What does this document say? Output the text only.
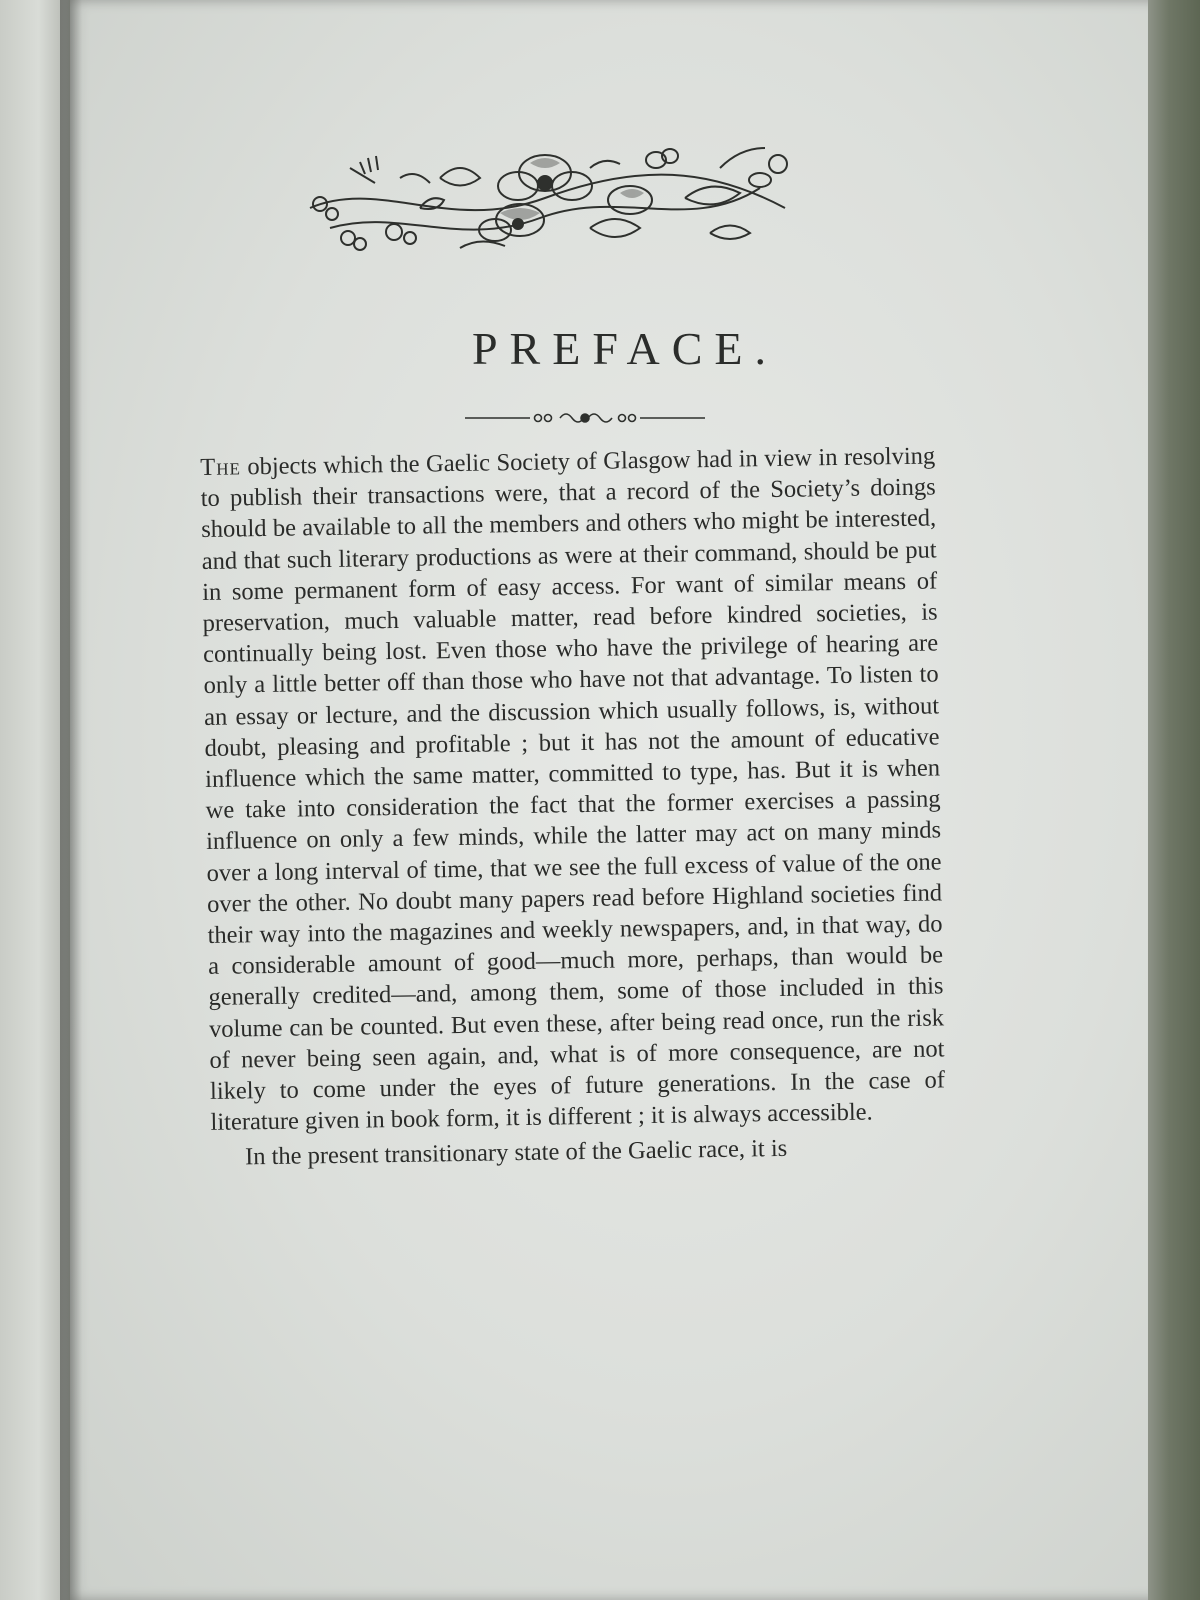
PREFACE.

The objects which the Gaelic Society of Glasgow had in view in resolving to publish their transactions were, that a record of the Society’s doings should be available to all the members and others who might be interested, and that such literary productions as were at their command, should be put in some permanent form of easy access. For want of similar means of preservation, much valuable matter, read before kindred societies, is continually being lost. Even those who have the privilege of hearing are only a little better off than those who have not that advantage. To listen to an essay or lecture, and the discussion which usually follows, is, without doubt, pleasing and profitable ; but it has not the amount of educative influence which the same matter, committed to type, has. But it is when we take into consideration the fact that the former exercises a passing influence on only a few minds, while the latter may act on many minds over a long interval of time, that we see the full excess of value of the one over the other. No doubt many papers read before Highland societies find their way into the magazines and weekly newspapers, and, in that way, do a considerable amount of good—much more, perhaps, than would be generally credited—and, among them, some of those included in this volume can be counted. But even these, after being read once, run the risk of never being seen again, and, what is of more consequence, are not likely to come under the eyes of future generations. In the case of literature given in book form, it is different ; it is always accessible.

In the present transitionary state of the Gaelic race, it is
